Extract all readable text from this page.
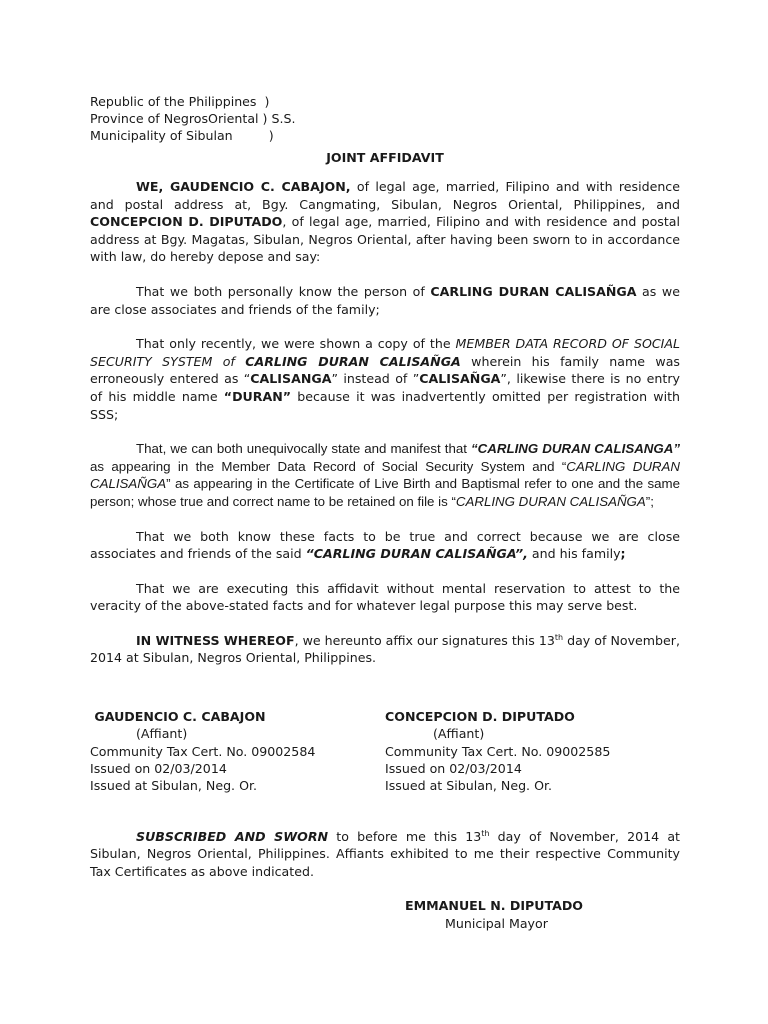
Republic of the Philippines  )
Province of NegrosOriental ) S.S.
Municipality of Sibulan         )
JOINT AFFIDAVIT

WE, GAUDENCIO C. CABAJON, of legal age, married, Filipino and with residence and postal address at, Bgy. Cangmating, Sibulan, Negros Oriental, Philippines, and CONCEPCION D. DIPUTADO, of legal age, married, Filipino and with residence and postal address at Bgy. Magatas, Sibulan, Negros Oriental, after having been sworn to in accordance with law, do hereby depose and say:

That we both personally know the person of CARLING DURAN CALISAÑGA as we are close associates and friends of the family;

That only recently, we were shown a copy of the MEMBER DATA RECORD OF SOCIAL SECURITY SYSTEM of CARLING DURAN CALISAÑGA wherein his family name was erroneously entered as “CALISANGA” instead of ”CALISAÑGA”, likewise there is no entry of his middle name “DURAN” because it was inadvertently omitted per registration with SSS;

That, we can both unequivocally state and manifest that “CARLING DURAN CALISANGA” as appearing in the Member Data Record of Social Security System and “CARLING DURAN CALISAÑGA” as appearing in the Certificate of Live Birth and Baptismal refer to one and the same person; whose true and correct name to be retained on file is “CARLING DURAN CALISAÑGA”;

That we both know these facts to be true and correct because we are close associates and friends of the said “CARLING DURAN CALISAÑGA”, and his family;

That we are executing this affidavit without mental reservation to attest to the veracity of the above-stated facts and for whatever legal purpose this may serve best.

IN WITNESS WHEREOF, we hereunto affix our signatures this 13th day of November, 2014 at Sibulan, Negros Oriental, Philippines.

GAUDENCIO C. CABAJON
(Affiant)
Community Tax Cert. No. 09002584
Issued on 02/03/2014
Issued at Sibulan, Neg. Or.
CONCEPCION D. DIPUTADO
(Affiant)
Community Tax Cert. No. 09002585
Issued on 02/03/2014
Issued at Sibulan, Neg. Or.

SUBSCRIBED AND SWORN to before me this 13th day of November, 2014 at Sibulan, Negros Oriental, Philippines. Affiants exhibited to me their respective Community Tax Certificates as above indicated.

EMMANUEL N. DIPUTADO
Municipal Mayor
